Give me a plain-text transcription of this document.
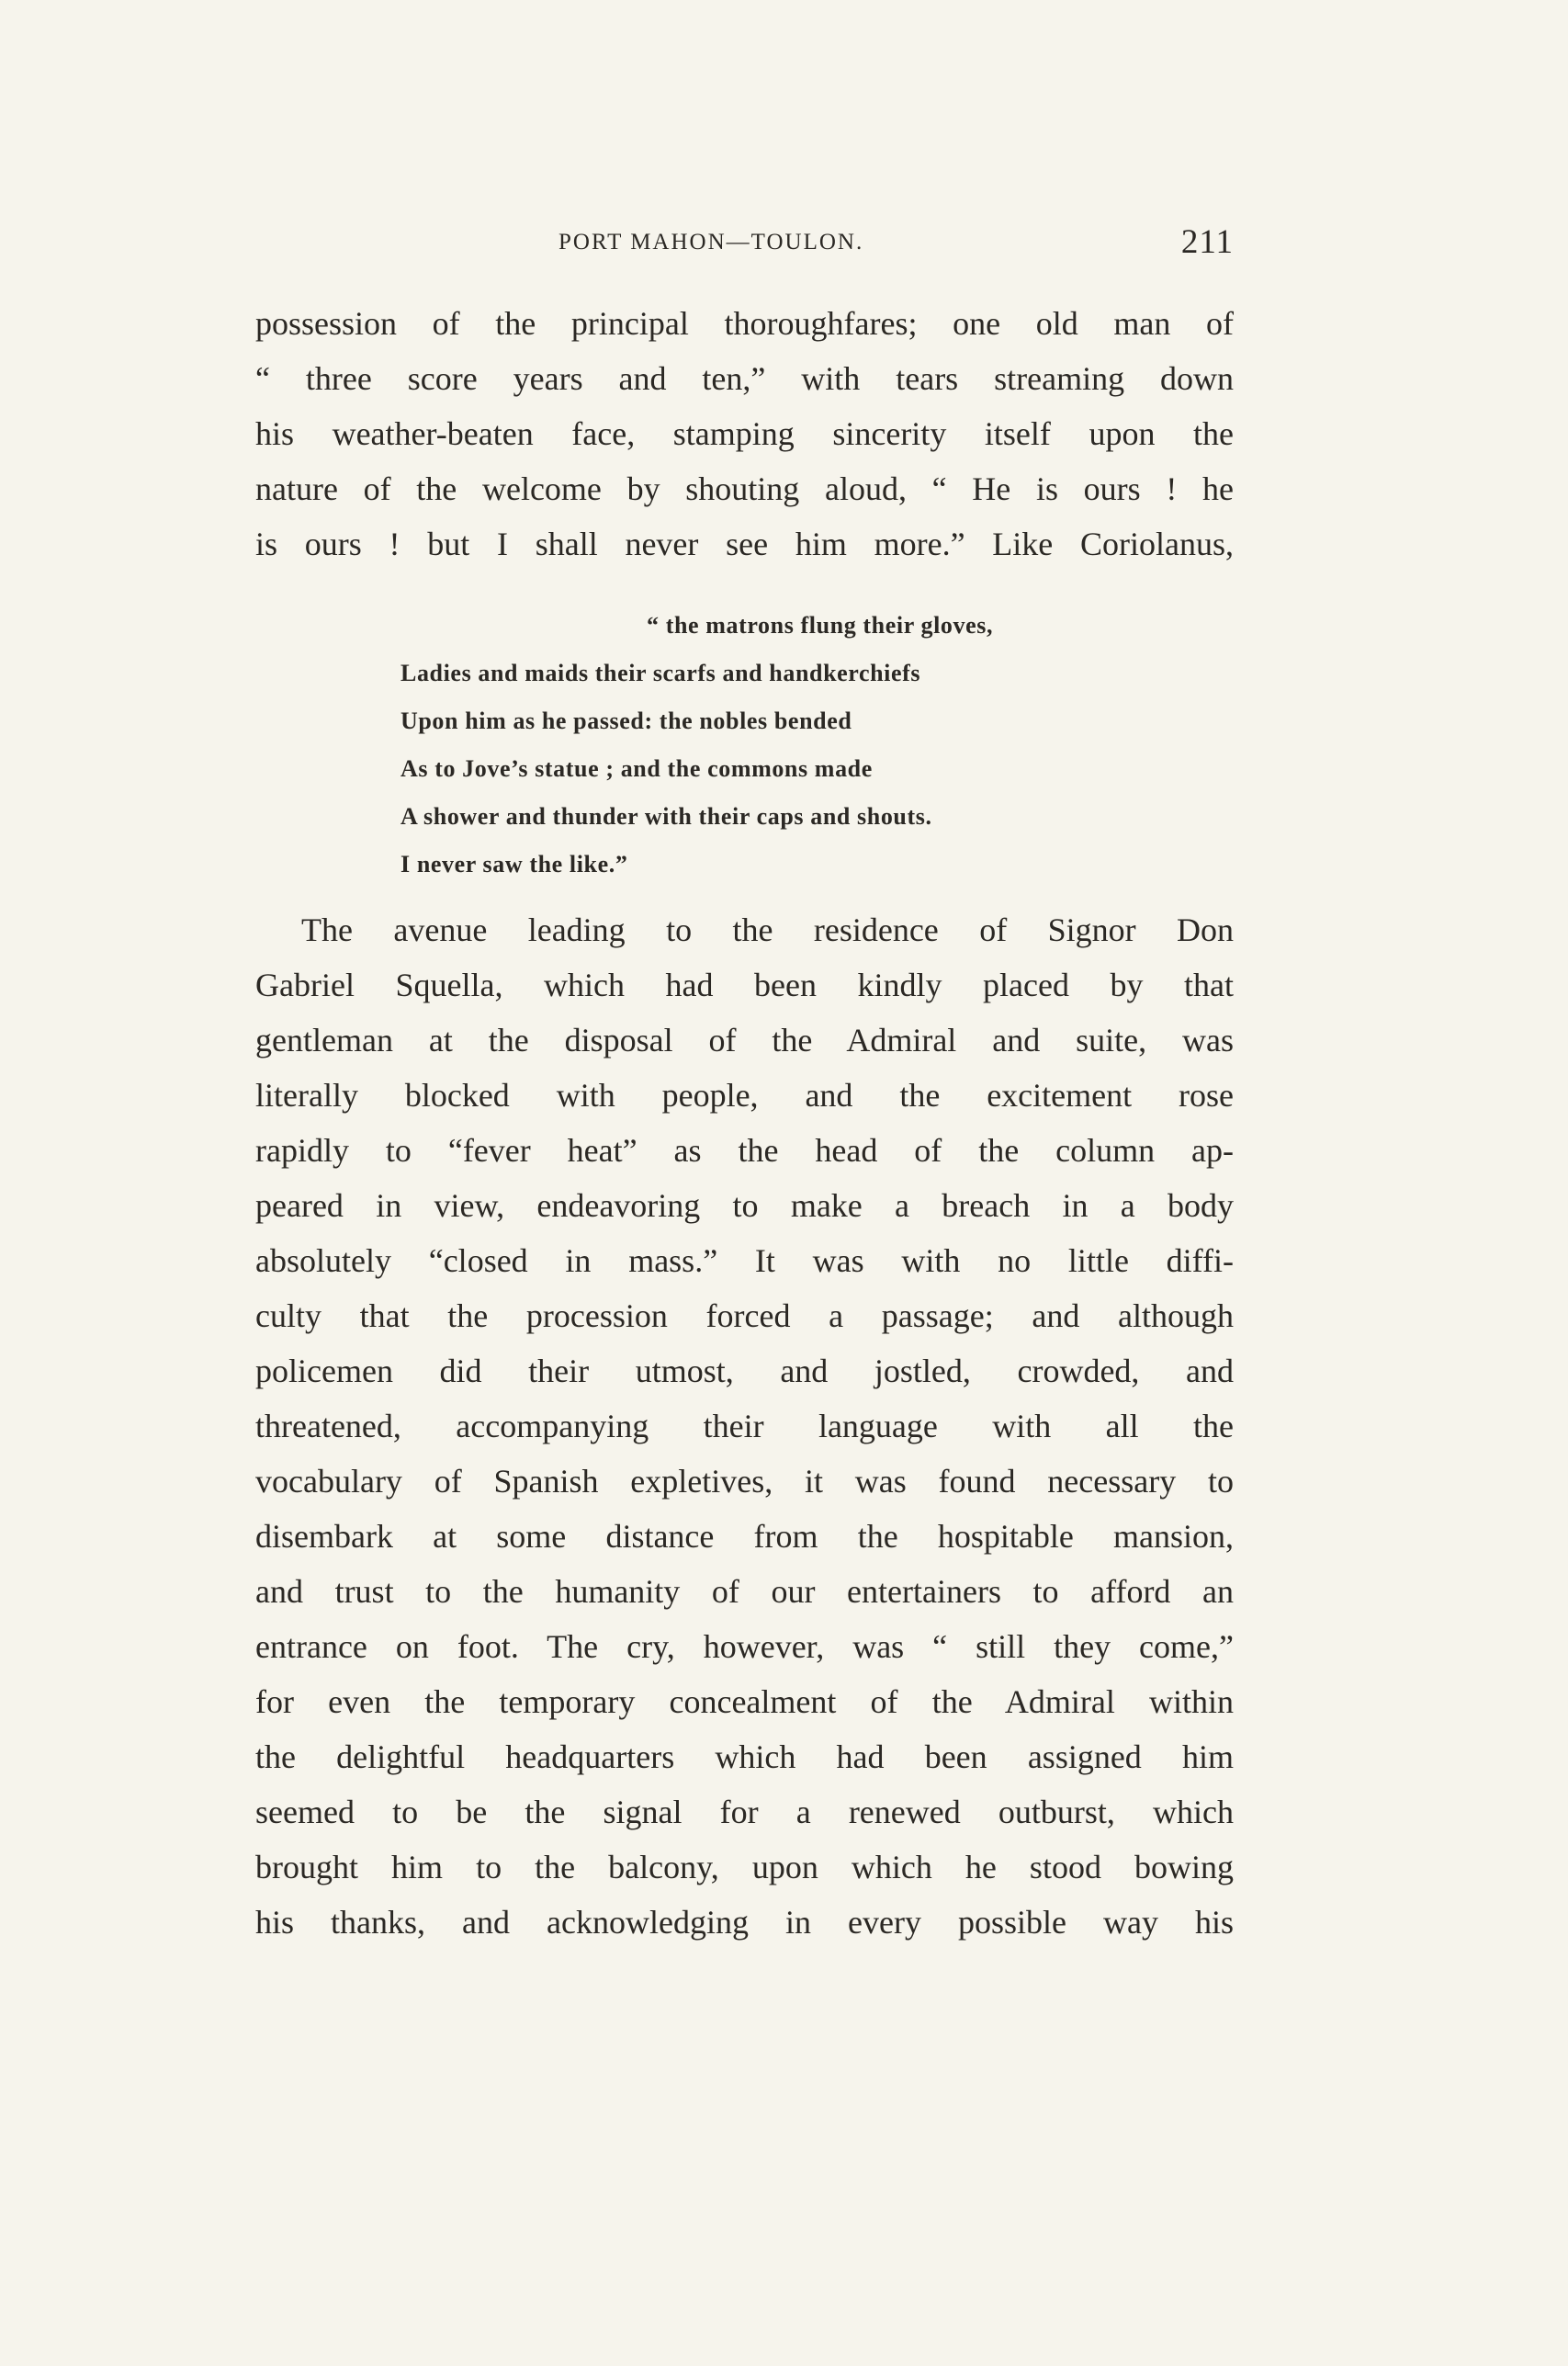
PORT MAHON—TOULON.	211
possession of the principal thoroughfares; one old man of
“ three score years and ten,” with tears streaming down
his weather-beaten face, stamping sincerity itself upon the
nature of the welcome by shouting aloud, “ He is ours ! he
is ours ! but I shall never see him more.” Like Coriolanus,
“ the matrons flung their gloves,
Ladies and maids their scarfs and handkerchiefs
Upon him as he passed: the nobles bended
As to Jove’s statue ; and the commons made
A shower and thunder with their caps and shouts.
I never saw the like.”
The avenue leading to the residence of Signor Don
Gabriel Squella, which had been kindly placed by that
gentleman at the disposal of the Admiral and suite, was
literally blocked with people, and the excitement rose
rapidly to “fever heat” as the head of the column ap-
peared in view, endeavoring to make a breach in a body
absolutely “closed in mass.” It was with no little diffi-
culty that the procession forced a passage; and although
policemen did their utmost, and jostled, crowded, and
threatened, accompanying their language with all the
vocabulary of Spanish expletives, it was found necessary to
disembark at some distance from the hospitable mansion,
and trust to the humanity of our entertainers to afford an
entrance on foot. The cry, however, was “ still they come,”
for even the temporary concealment of the Admiral within
the delightful headquarters which had been assigned him
seemed to be the signal for a renewed outburst, which
brought him to the balcony, upon which he stood bowing
his thanks, and acknowledging in every possible way his
